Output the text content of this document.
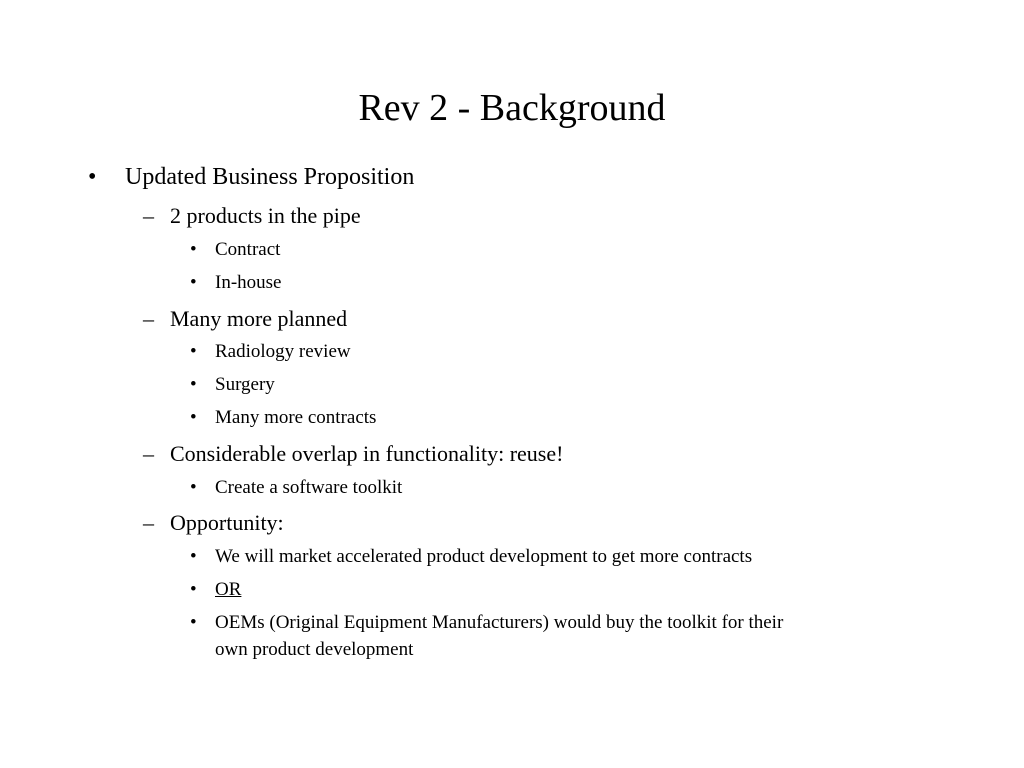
Rev 2 - Background
• Updated Business Proposition

– 2 products in the pipe

• Contract

• In-house

– Many more planned

• Radiology review

• Surgery

• Many more contracts

– Considerable overlap in functionality: reuse!

• Create a software toolkit

– Opportunity:

• We will market accelerated product development to get more contracts

• OR

• OEMs (Original Equipment Manufacturers) would buy the toolkit for their

own product development
